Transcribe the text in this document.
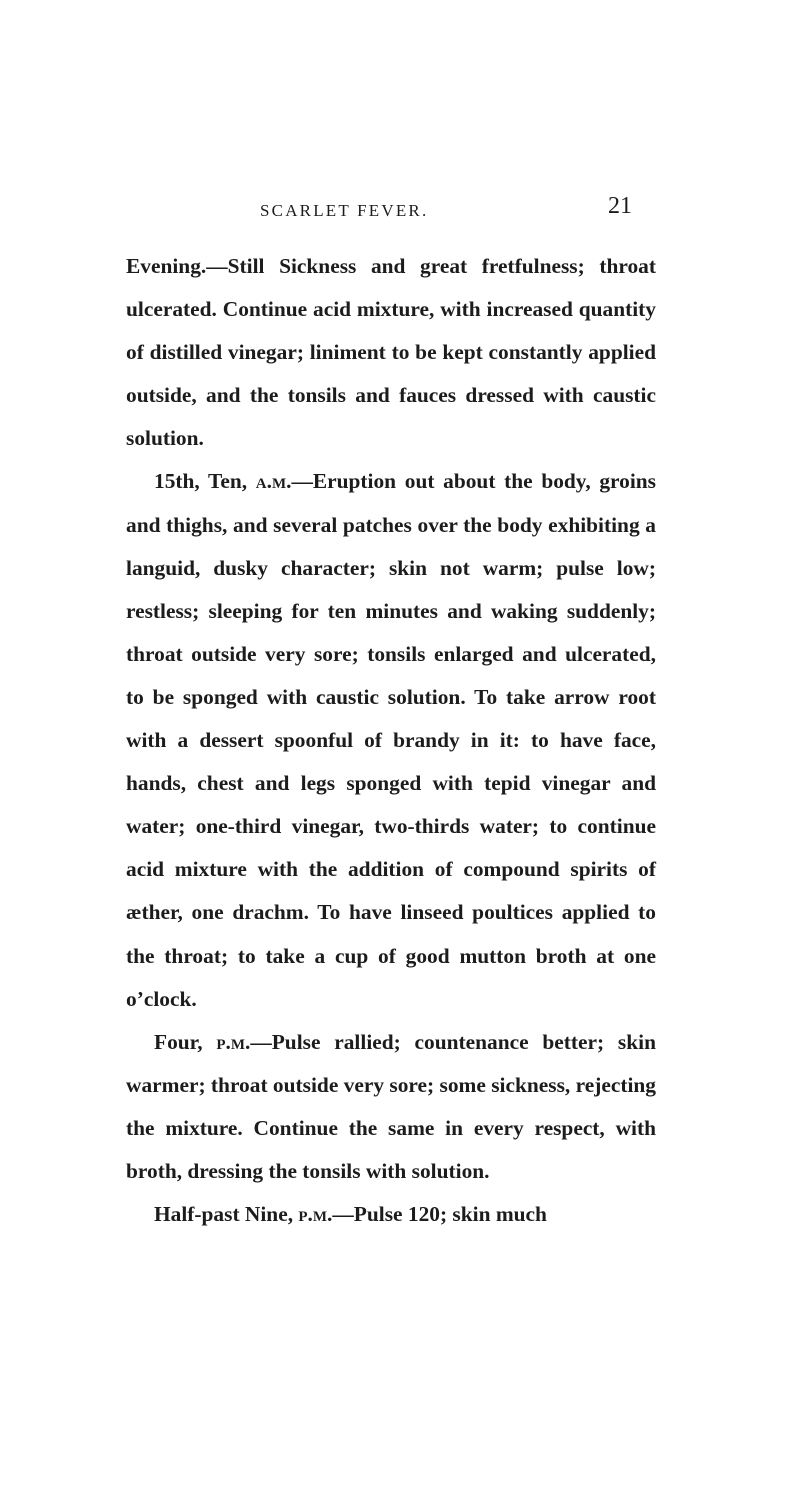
SCARLET FEVER.	21

Evening.—Still Sickness and great fretfulness; throat ulcerated. Continue acid mixture, with increased quantity of distilled vinegar; liniment to be kept constantly applied outside, and the tonsils and fauces dressed with caustic solution.

15th, Ten, a.m.—Eruption out about the body, groins and thighs, and several patches over the body exhibiting a languid, dusky character; skin not warm; pulse low; restless; sleeping for ten minutes and waking suddenly; throat outside very sore; tonsils enlarged and ulcerated, to be sponged with caustic solution. To take arrow root with a dessert spoonful of brandy in it: to have face, hands, chest and legs sponged with tepid vinegar and water; one-third vinegar, two-thirds water; to continue acid mixture with the addition of compound spirits of æther, one drachm. To have linseed poultices applied to the throat; to take a cup of good mutton broth at one o’clock.

Four, p.m.—Pulse rallied; countenance better; skin warmer; throat outside very sore; some sickness, rejecting the mixture. Continue the same in every respect, with broth, dressing the tonsils with solution.

Half-past Nine, p.m.—Pulse 120; skin much
